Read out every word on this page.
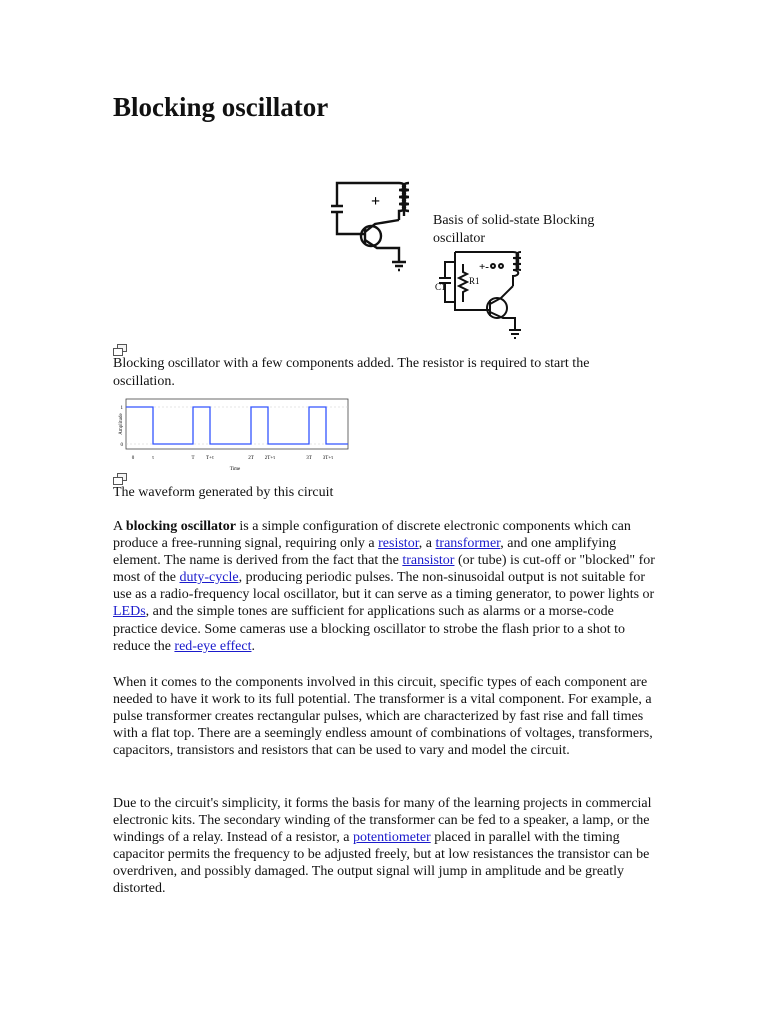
Blocking oscillator
+
Basis of solid-state Blocking oscillator
C1
R1
+-
Blocking oscillator with a few components added. The resistor is required to start the oscillation.
Amplitude
1
0
0	τ	T T+τ	2T 2T+τ	3T 3T+τ
Time
The waveform generated by this circuit

A blocking oscillator is a simple configuration of discrete electronic components which can produce a free-running signal, requiring only a resistor, a transformer, and one amplifying element. The name is derived from the fact that the transistor (or tube) is cut-off or "blocked" for most of the duty-cycle, producing periodic pulses. The non-sinusoidal output is not suitable for use as a radio-frequency local oscillator, but it can serve as a timing generator, to power lights or LEDs, and the simple tones are sufficient for applications such as alarms or a morse-code practice device. Some cameras use a blocking oscillator to strobe the flash prior to a shot to reduce the red-eye effect.

When it comes to the components involved in this circuit, specific types of each component are needed to have it work to its full potential. The transformer is a vital component. For example, a pulse transformer creates rectangular pulses, which are characterized by fast rise and fall times with a flat top. There are a seemingly endless amount of combinations of voltages, transformers, capacitors, transistors and resistors that can be used to vary and model the circuit.

Due to the circuit's simplicity, it forms the basis for many of the learning projects in commercial electronic kits. The secondary winding of the transformer can be fed to a speaker, a lamp, or the windings of a relay. Instead of a resistor, a potentiometer placed in parallel with the timing capacitor permits the frequency to be adjusted freely, but at low resistances the transistor can be overdriven, and possibly damaged. The output signal will jump in amplitude and be greatly distorted.
